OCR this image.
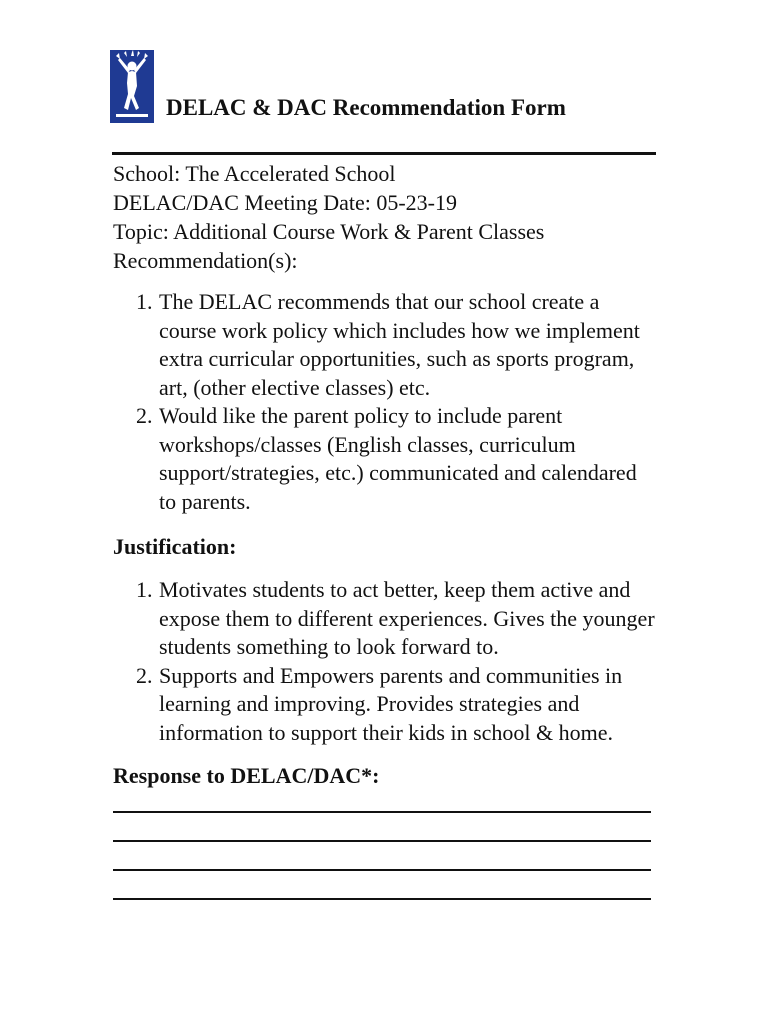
DELAC & DAC Recommendation Form
School: The Accelerated School
DELAC/DAC Meeting Date: 05-23-19
Topic: Additional Course Work & Parent Classes
Recommendation(s):
1. The DELAC recommends that our school create a course work policy which includes how we implement extra curricular opportunities, such as sports program, art, (other elective classes) etc.
2. Would like the parent policy to include parent workshops/classes (English classes, curriculum support/strategies, etc.) communicated and calendared to parents.
Justification:
1. Motivates students to act better, keep them active and expose them to different experiences. Gives the younger students something to look forward to.
2. Supports and Empowers parents and communities in learning and improving. Provides strategies and information to support their kids in school & home.
Response to DELAC/DAC*:
